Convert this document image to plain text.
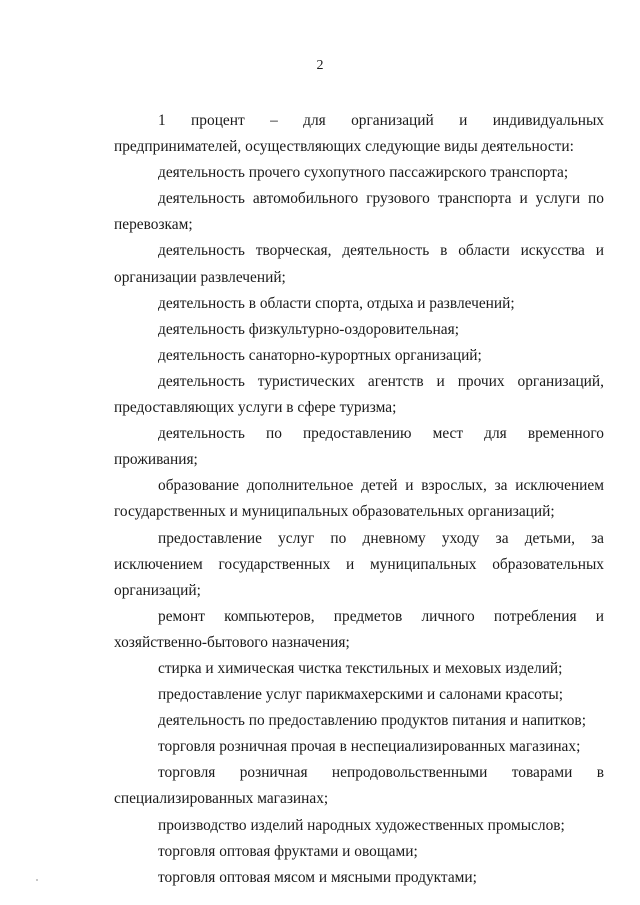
2

1 процент – для организаций и индивидуальных предпринимателей, осуществляющих следующие виды деятельности:

деятельность прочего сухопутного пассажирского транспорта;

деятельность автомобильного грузового транспорта и услуги по перевозкам;

деятельность творческая, деятельность в области искусства и организации развлечений;

деятельность в области спорта, отдыха и развлечений;

деятельность физкультурно-оздоровительная;

деятельность санаторно-курортных организаций;

деятельность туристических агентств и прочих организаций, предоставляющих услуги в сфере туризма;

деятельность по предоставлению мест для временного проживания;

образование дополнительное детей и взрослых, за исключением государственных и муниципальных образовательных организаций;

предоставление услуг по дневному уходу за детьми, за исключением государственных и муниципальных образовательных организаций;

ремонт компьютеров, предметов личного потребления и хозяйственно-бытового назначения;

стирка и химическая чистка текстильных и меховых изделий;

предоставление услуг парикмахерскими и салонами красоты;

деятельность по предоставлению продуктов питания и напитков;

торговля розничная прочая в неспециализированных магазинах;

торговля розничная непродовольственными товарами в специализированных магазинах;

производство изделий народных художественных промыслов;

торговля оптовая фруктами и овощами;

торговля оптовая мясом и мясными продуктами;
